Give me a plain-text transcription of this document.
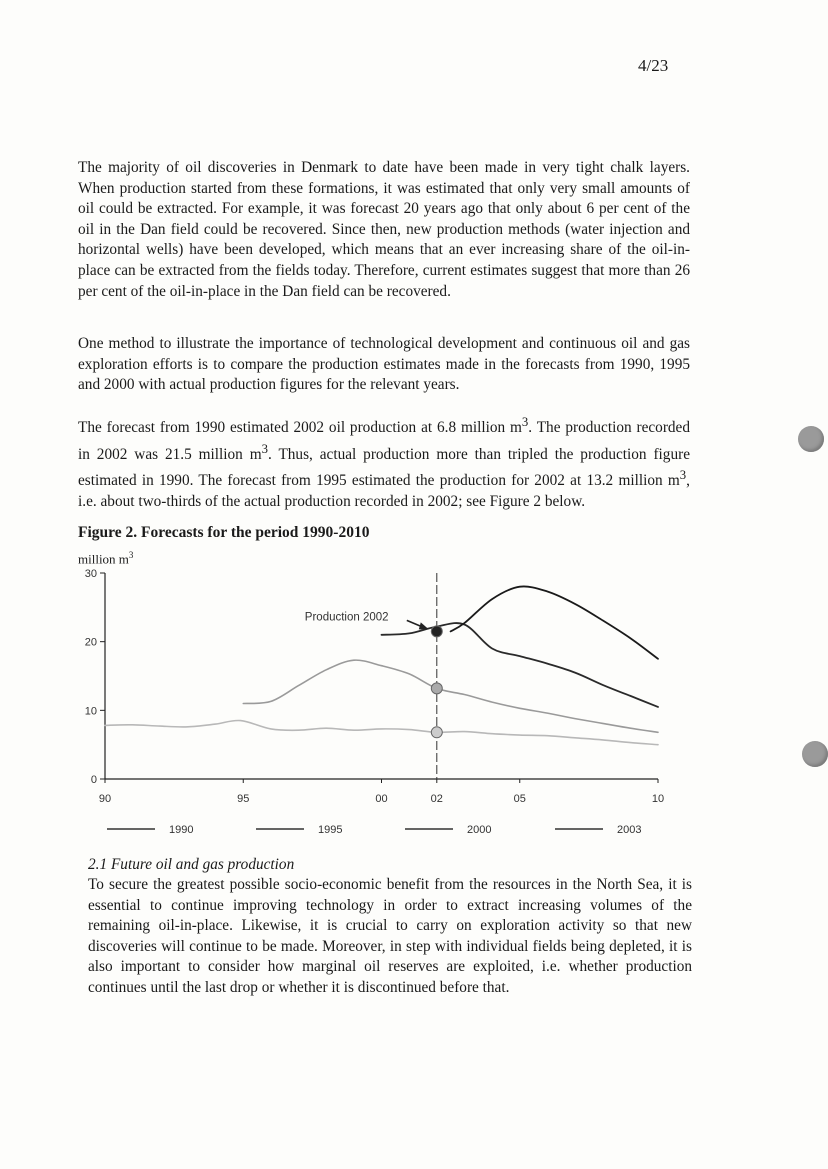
4/23

The majority of oil discoveries in Denmark to date have been made in very tight chalk layers. When production started from these formations, it was estimated that only very small amounts of oil could be extracted. For example, it was forecast 20 years ago that only about 6 per cent of the oil in the Dan field could be recovered. Since then, new production methods (water injection and horizontal wells) have been developed, which means that an ever increasing share of the oil-in-place can be extracted from the fields today. Therefore, current estimates suggest that more than 26 per cent of the oil-in-place in the Dan field can be recovered.

One method to illustrate the importance of technological development and continuous oil and gas exploration efforts is to compare the production estimates made in the forecasts from 1990, 1995 and 2000 with actual production figures for the relevant years.

The forecast from 1990 estimated 2002 oil production at 6.8 million $m^3$. The production recorded in 2002 was 21.5 million $m^3$. Thus, actual production more than tripled the production figure estimated in 1990. The forecast from 1995 estimated the production for 2002 at 13.2 million $m^3$, i.e. about two-thirds of the actual production recorded in 2002; see Figure 2 below.

Figure 2. Forecasts for the period 1990-2010
million $m^3$
0
10
20
30
90	95	00	02	05	10
Production 2002
1990	1995	2000	2003
2.1 Future oil and gas production

To secure the greatest possible socio-economic benefit from the resources in the North Sea, it is essential to continue improving technology in order to extract increasing volumes of the remaining oil-in-place. Likewise, it is crucial to carry on exploration activity so that new discoveries will continue to be made. Moreover, in step with individual fields being depleted, it is also important to consider how marginal oil reserves are exploited, i.e. whether production continues until the last drop or whether it is discontinued before that.
